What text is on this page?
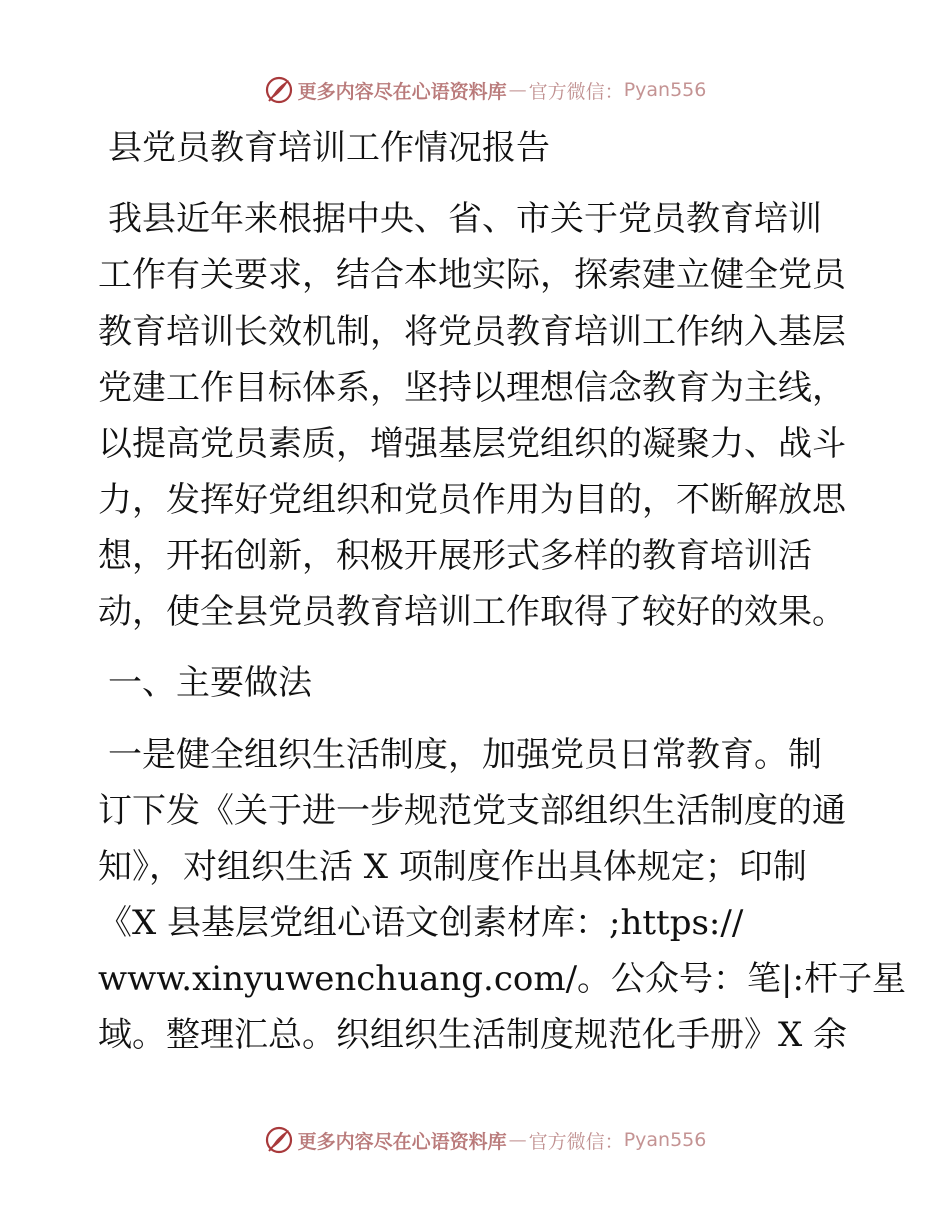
更多内容尽在心语资料库 — 官方微信： Pyan556
县党员教育培训工作情况报告
我县近年来根据中央、省、市关于党员教育培训
工作有关要求，结合本地实际，探索建立健全党员
教育培训长效机制，将党员教育培训工作纳入基层
党建工作目标体系，坚持以理想信念教育为主线，
以提高党员素质，增强基层党组织的凝聚力、战斗
力，发挥好党组织和党员作用为目的，不断解放思
想，开拓创新，积极开展形式多样的教育培训活
动，使全县党员教育培训工作取得了较好的效果。
一、主要做法
一是健全组织生活制度，加强党员日常教育。制
订下发《关于进一步规范党支部组织生活制度的通
知》，对组织生活 X 项制度作出具体规定；印制
《X 县基层党组心语文创素材库：;https://
www.xinyuwenchuang.com/。公众号：笔|:杆子星
域。整理汇总。织组织生活制度规范化手册》X 余
更多内容尽在心语资料库 — 官方微信： Pyan556
